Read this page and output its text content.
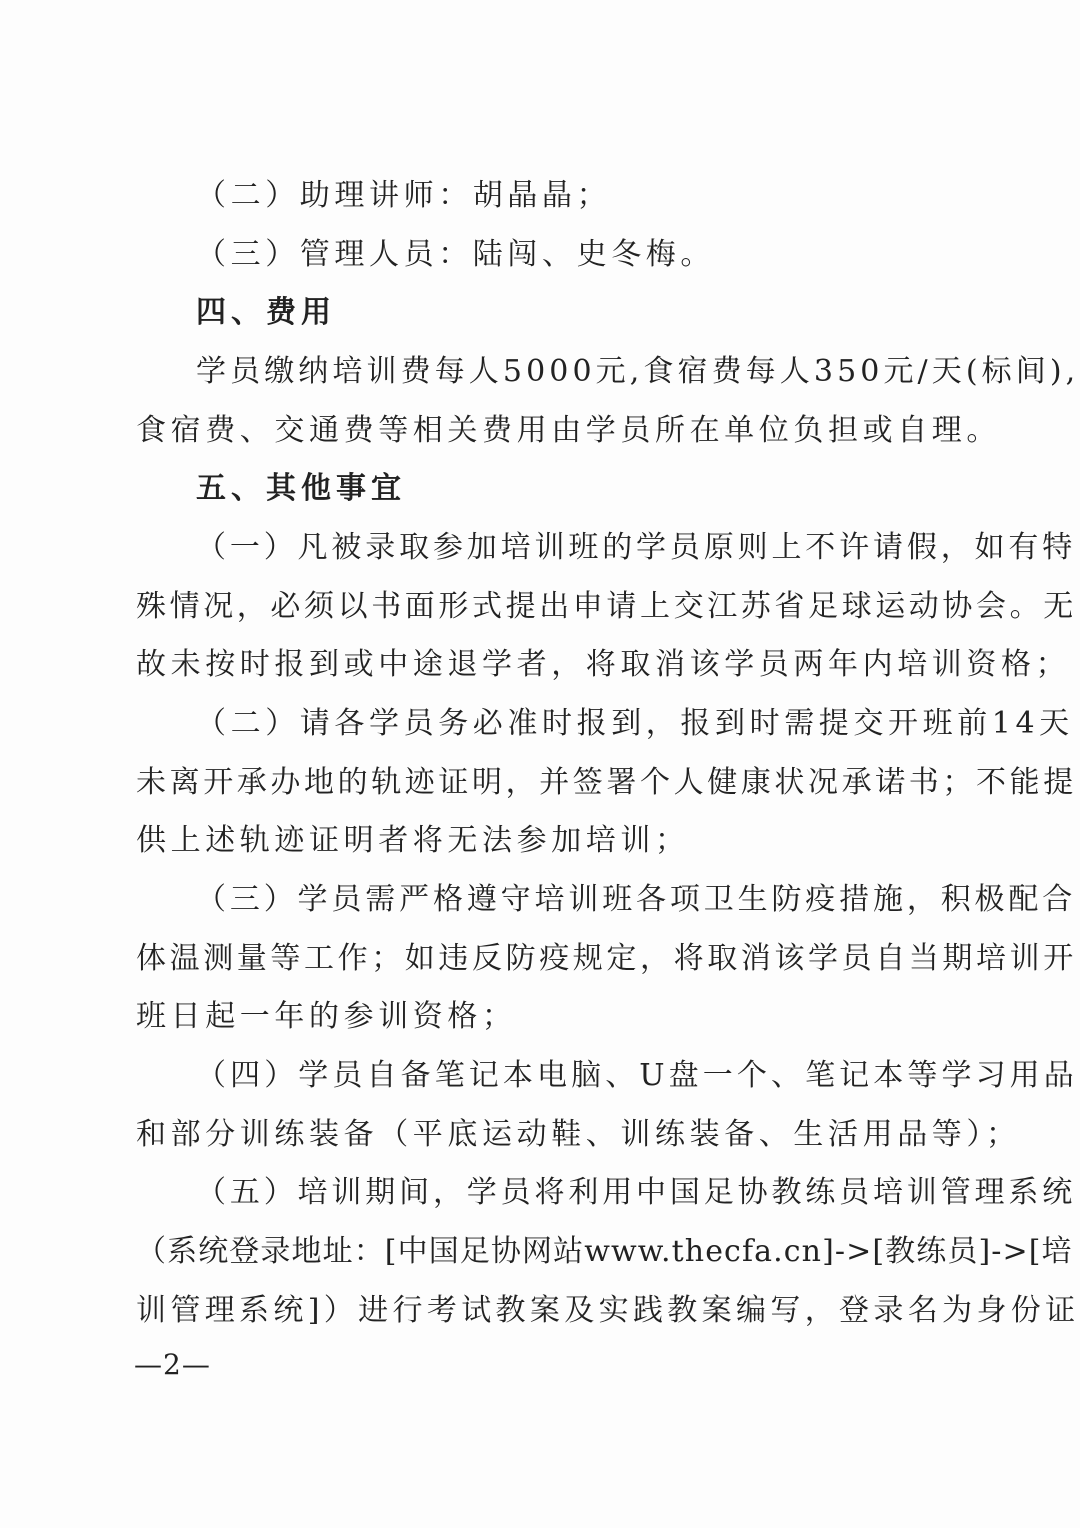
（二）助理讲师：胡晶晶；
（三）管理人员：陆闯、史冬梅。
四、费用
学员缴纳培训费每人5000元,食宿费每人350元/天(标间),
食宿费、交通费等相关费用由学员所在单位负担或自理。
五、其他事宜
（一）凡被录取参加培训班的学员原则上不许请假，如有特
殊情况，必须以书面形式提出申请上交江苏省足球运动协会。无
故未按时报到或中途退学者，将取消该学员两年内培训资格；
（二）请各学员务必准时报到，报到时需提交开班前14天
未离开承办地的轨迹证明，并签署个人健康状况承诺书；不能提
供上述轨迹证明者将无法参加培训；
（三）学员需严格遵守培训班各项卫生防疫措施，积极配合
体温测量等工作；如违反防疫规定，将取消该学员自当期培训开
班日起一年的参训资格；
（四）学员自备笔记本电脑、U盘一个、笔记本等学习用品
和部分训练装备（平底运动鞋、训练装备、生活用品等）；
（五）培训期间，学员将利用中国足协教练员培训管理系统
（系统登录地址：[中国足协网站www.thecfa.cn]->[教练员]->[培
训管理系统]）进行考试教案及实践教案编写，登录名为身份证
—2—
